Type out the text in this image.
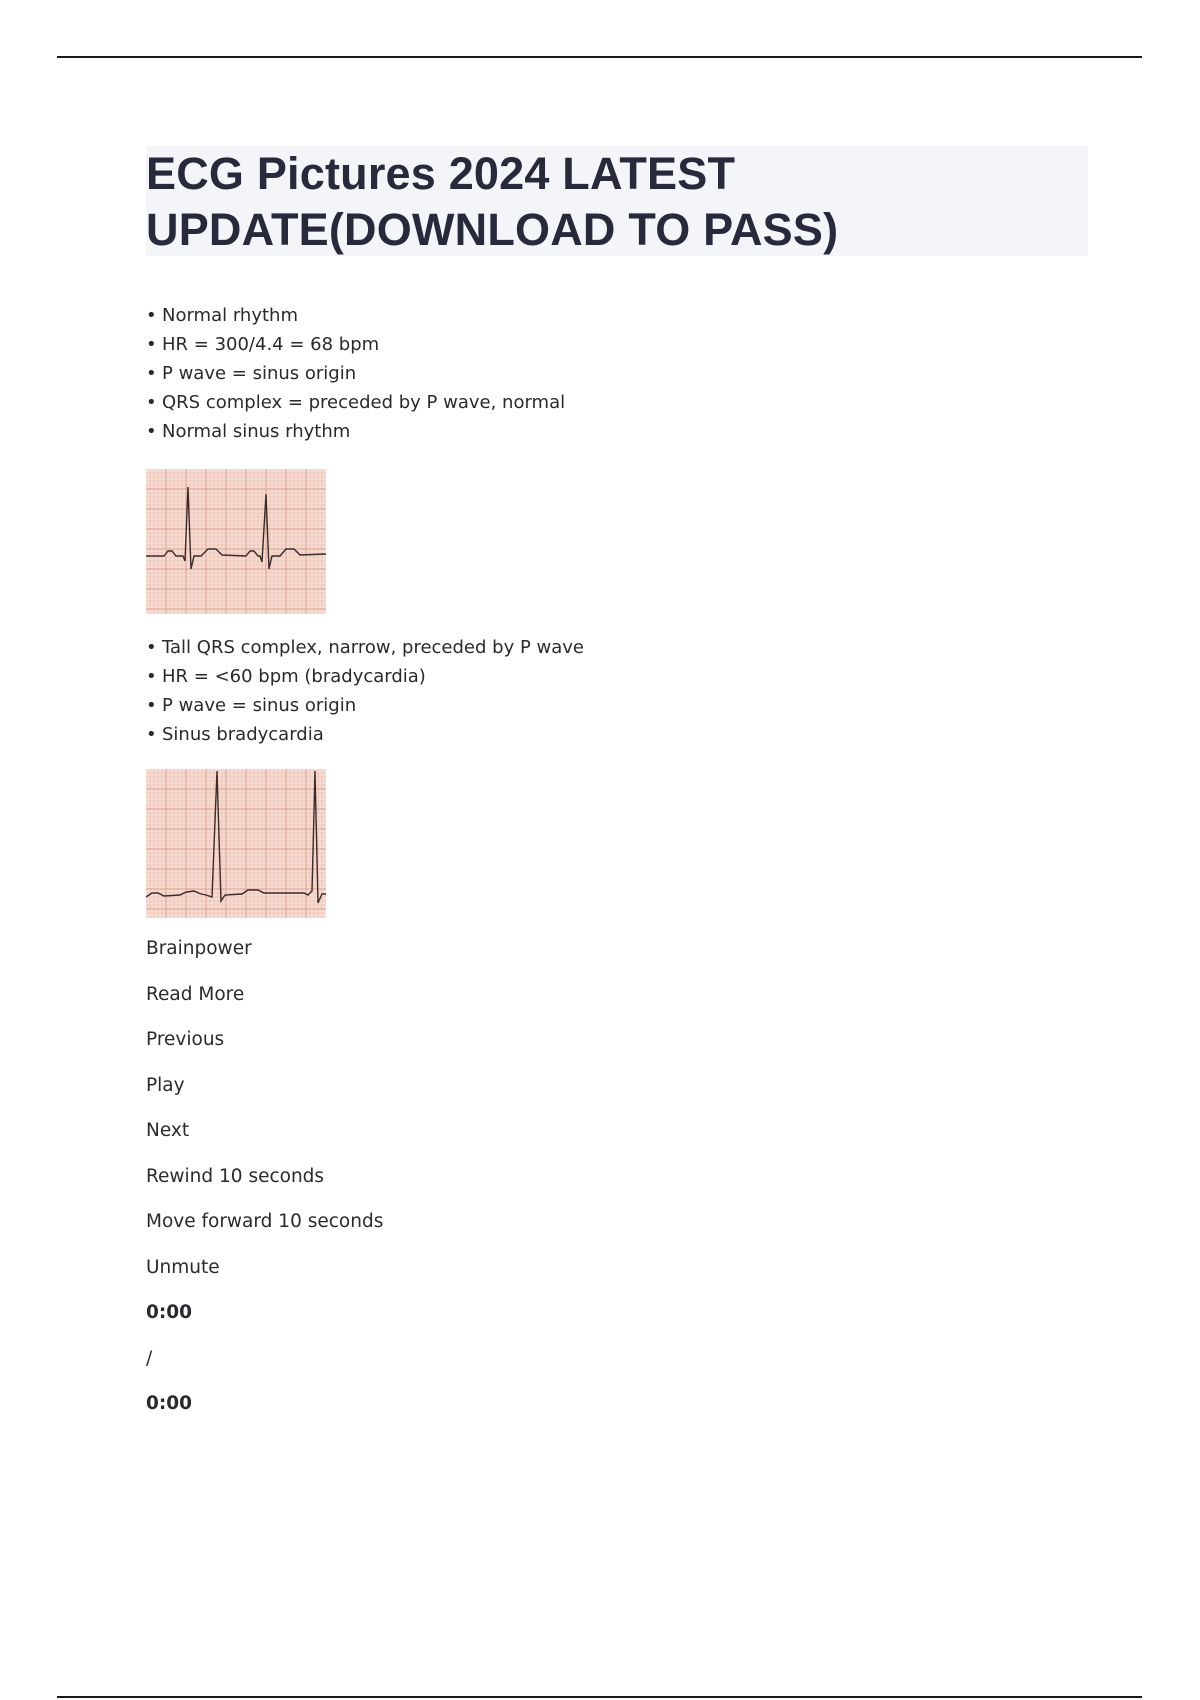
ECG Pictures 2024 LATEST UPDATE(DOWNLOAD TO PASS)
• Normal rhythm
• HR = 300/4.4 = 68 bpm
• P wave = sinus origin
• QRS complex = preceded by P wave, normal
• Normal sinus rhythm
• Tall QRS complex, narrow, preceded by P wave
• HR = <60 bpm (bradycardia)
• P wave = sinus origin
• Sinus bradycardia
Brainpower
Read More
Previous
Play
Next
Rewind 10 seconds
Move forward 10 seconds
Unmute
0:00
/
0:00
